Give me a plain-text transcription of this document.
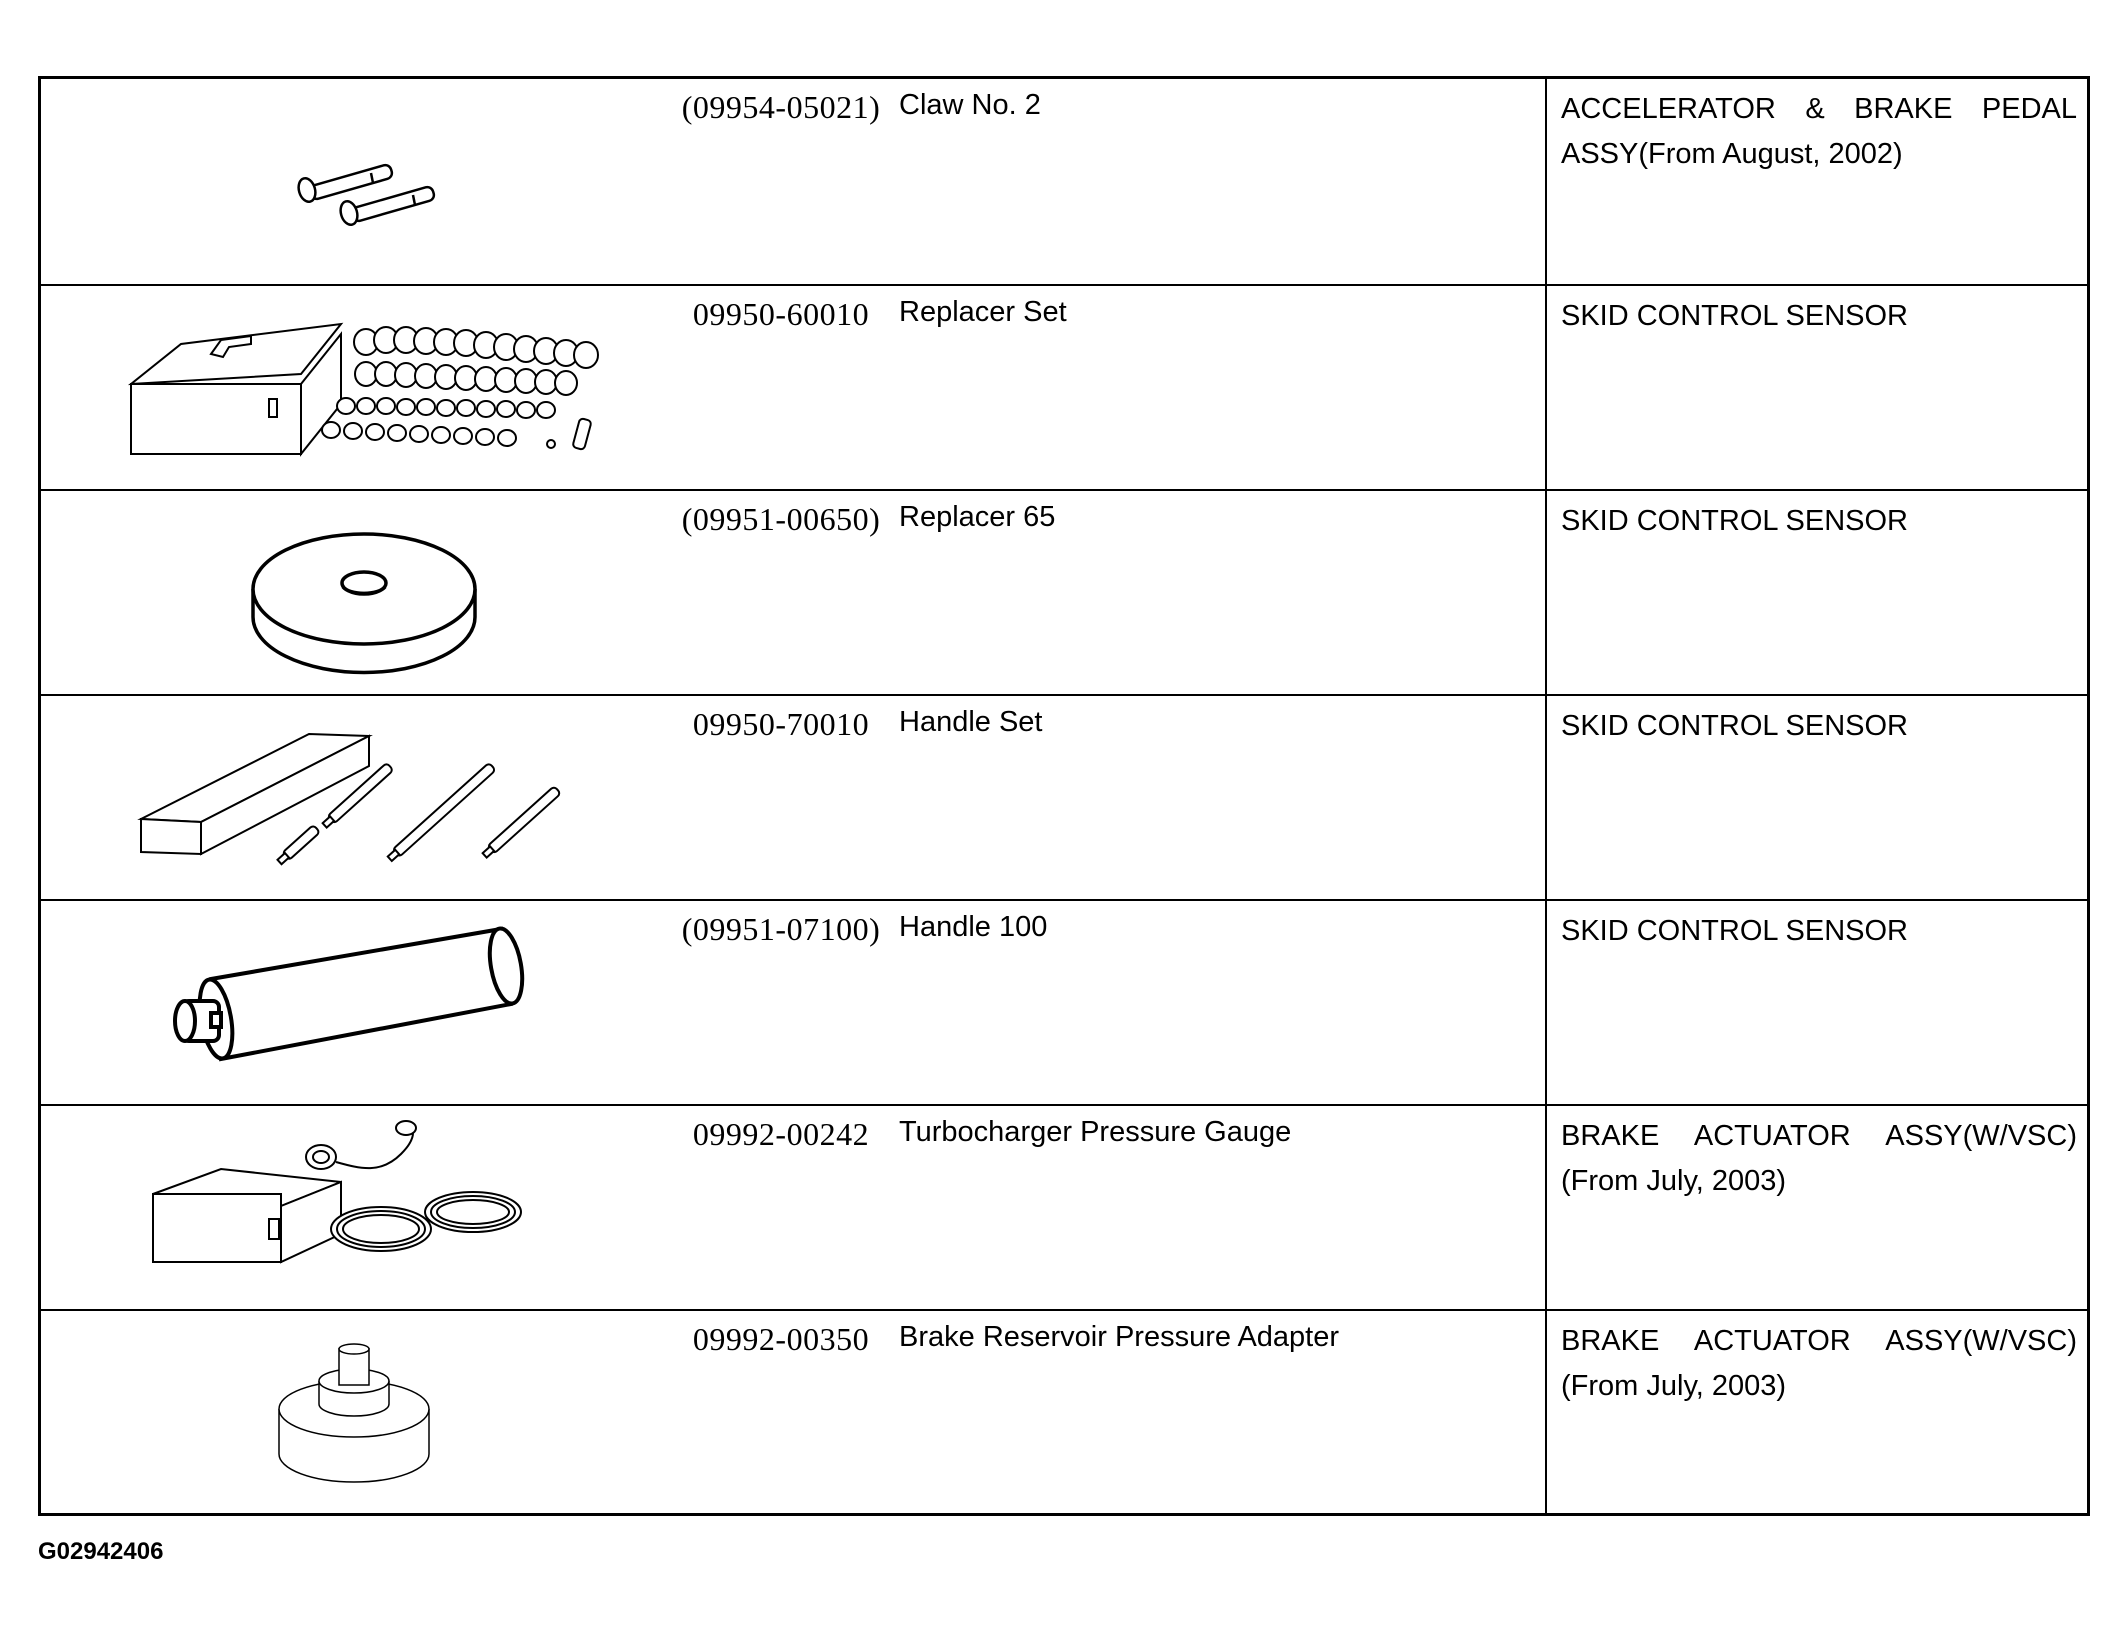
(09954-05021) Claw No. 2	ACCELERATOR & BRAKE PEDAL ASSY(From August, 2002)
09950-60010	Replacer Set	SKID CONTROL SENSOR
(09951-00650) Replacer 65	SKID CONTROL SENSOR
09950-70010	Handle Set	SKID CONTROL SENSOR
(09951-07100) Handle 100	SKID CONTROL SENSOR
09992-00242	Turbocharger Pressure Gauge	BRAKE ACTUATOR ASSY(W/VSC)(From July, 2003)
09992-00350	Brake Reservoir Pressure Adapter	BRAKE ACTUATOR ASSY(W/VSC)(From July, 2003)
G02942406
